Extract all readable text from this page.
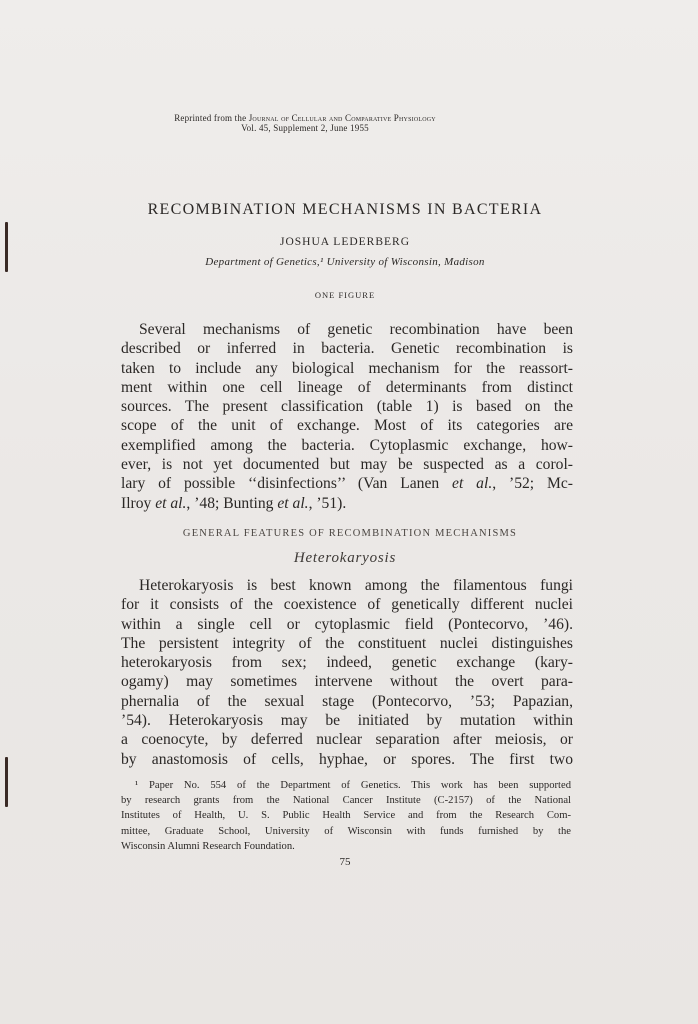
Reprinted from the Journal of Cellular and Comparative Physiology
Vol. 45, Supplement 2, June 1955
RECOMBINATION MECHANISMS IN BACTERIA
JOSHUA LEDERBERG
Department of Genetics,¹ University of Wisconsin, Madison
ONE FIGURE
Several mechanisms of genetic recombination have been
described or inferred in bacteria. Genetic recombination is
taken to include any biological mechanism for the reassort-
ment within one cell lineage of determinants from distinct
sources. The present classification (table 1) is based on the
scope of the unit of exchange. Most of its categories are
exemplified among the bacteria. Cytoplasmic exchange, how-
ever, is not yet documented but may be suspected as a corol-
lary of possible ‘‘disinfections’’ (Van Lanen et al., ’52; Mc-
Ilroy et al., ’48; Bunting et al., ’51).
GENERAL FEATURES OF RECOMBINATION MECHANISMS
Heterokaryosis
Heterokaryosis is best known among the filamentous fungi
for it consists of the coexistence of genetically different nuclei
within a single cell or cytoplasmic field (Pontecorvo, ’46).
The persistent integrity of the constituent nuclei distinguishes
heterokaryosis from sex; indeed, genetic exchange (kary-
ogamy) may sometimes intervene without the overt para-
phernalia of the sexual stage (Pontecorvo, ’53; Papazian,
’54). Heterokaryosis may be initiated by mutation within
a coenocyte, by deferred nuclear separation after meiosis, or
by anastomosis of cells, hyphae, or spores. The first two
¹ Paper No. 554 of the Department of Genetics. This work has been supported
by research grants from the National Cancer Institute (C-2157) of the National
Institutes of Health, U. S. Public Health Service and from the Research Com-
mittee, Graduate School, University of Wisconsin with funds furnished by the
Wisconsin Alumni Research Foundation.
75
